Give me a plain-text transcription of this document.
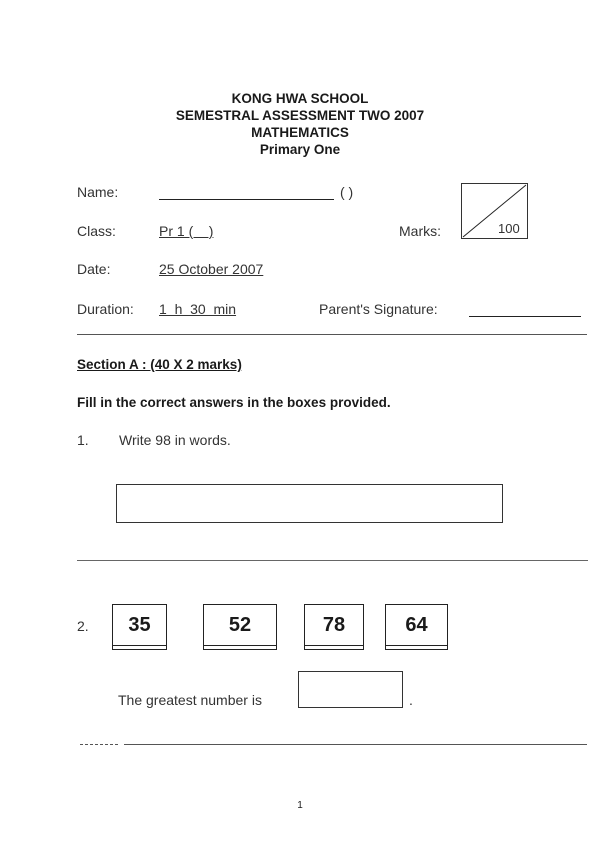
KONG HWA SCHOOL
SEMESTRAL ASSESSMENT TWO 2007
MATHEMATICS
Primary One
Name:	( )
100
Class:	Pr 1 (    )	Marks:
Date:	25 October 2007
Duration: 1  h  30  min	Parent's Signature:
Section A : (40 X 2 marks)
Fill in the correct answers in the boxes provided.
1. Write 98 in words.
2.	35	52	78	64
The greatest number is	.
1
